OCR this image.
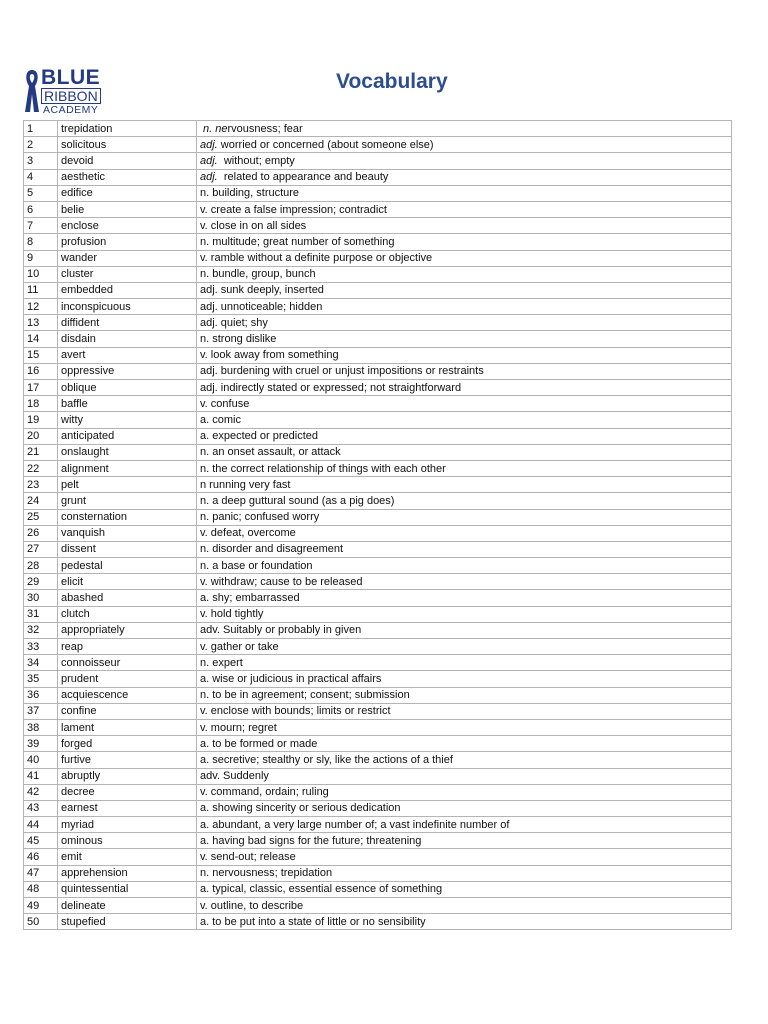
BLUE
RIBBON
ACADEMY
Vocabulary
1	trepidation	n. nervousness; fear
2	solicitous	adj. worried or concerned (about someone else)
3	devoid	adj.  without; empty
4	aesthetic	adj.  related to appearance and beauty
5	edifice	n. building, structure
6	belie	v. create a false impression; contradict
7	enclose	v. close in on all sides
8	profusion	n. multitude; great number of something
9	wander	v. ramble without a definite purpose or objective
10	cluster	n. bundle, group, bunch
11	embedded	adj. sunk deeply, inserted
12	inconspicuous	adj. unnoticeable; hidden
13	diffident	adj. quiet; shy
14	disdain	n. strong dislike
15	avert	v. look away from something
16	oppressive	adj. burdening with cruel or unjust impositions or restraints
17	oblique	adj. indirectly stated or expressed; not straightforward
18	baffle	v. confuse
19	witty	a. comic
20	anticipated	a. expected or predicted
21	onslaught	n. an onset assault, or attack
22	alignment	n. the correct relationship of things with each other
23	pelt	n running very fast
24	grunt	n. a deep guttural sound (as a pig does)
25	consternation	n. panic; confused worry
26	vanquish	v. defeat, overcome
27	dissent	n. disorder and disagreement
28	pedestal	n. a base or foundation
29	elicit	v. withdraw; cause to be released
30	abashed	a. shy; embarrassed
31	clutch	v. hold tightly
32	appropriately	adv. Suitably or probably in given
33	reap	v. gather or take
34	connoisseur	n. expert
35	prudent	a. wise or judicious in practical affairs
36	acquiescence	n. to be in agreement; consent; submission
37	confine	v. enclose with bounds; limits or restrict
38	lament	v. mourn; regret
39	forged	a. to be formed or made
40	furtive	a. secretive; stealthy or sly, like the actions of a thief
41	abruptly	adv. Suddenly
42	decree	v. command, ordain; ruling
43	earnest	a. showing sincerity or serious dedication
44	myriad	a. abundant, a very large number of; a vast indefinite number of
45	ominous	a. having bad signs for the future; threatening
46	emit	v. send-out; release
47	apprehension	n. nervousness; trepidation
48	quintessential	a. typical, classic, essential essence of something
49	delineate	v. outline, to describe
50	stupefied	a. to be put into a state of little or no sensibility
